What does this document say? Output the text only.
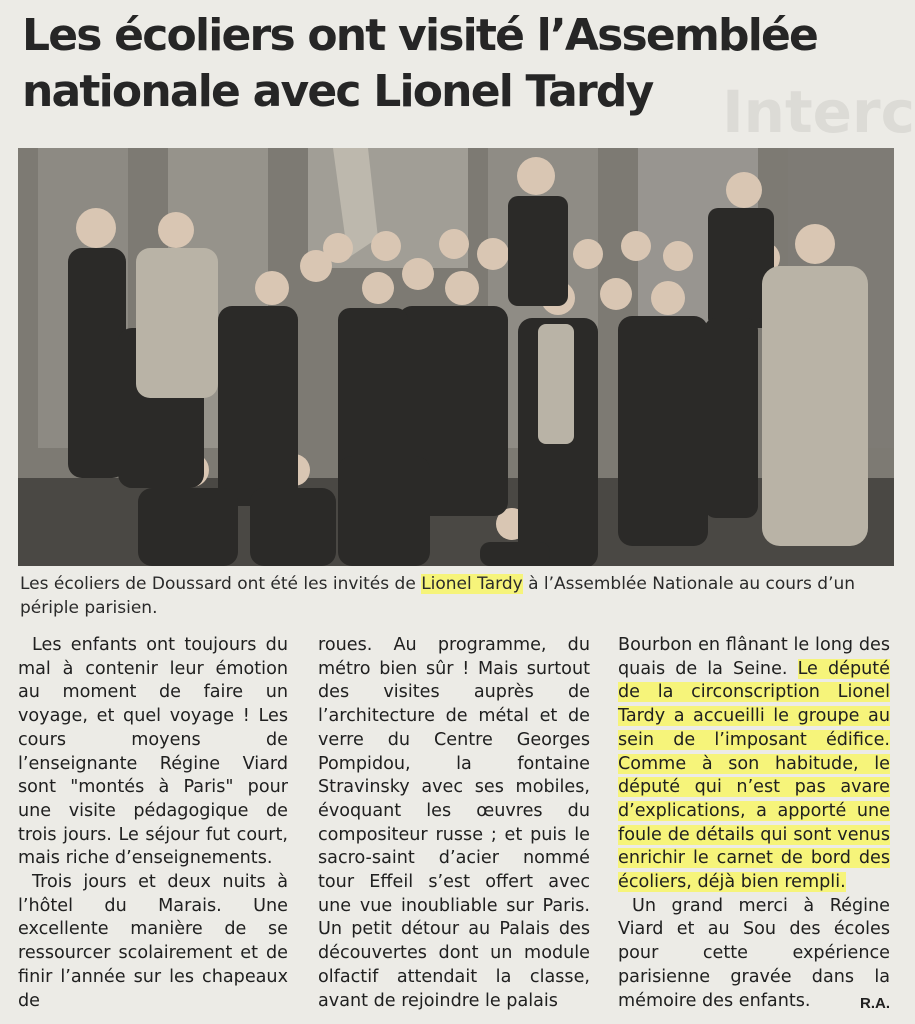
Les écoliers ont visité l’Assemblée nationale avec Lionel Tardy	Interc
Les écoliers de Doussard ont été les invités de Lionel Tardy à l’Assemblée Nationale au cours d’un périple parisien.

Les enfants ont toujours du mal à contenir leur émotion au moment de faire un voyage, et quel voyage ! Les cours moyens de l’enseignante Régine Viard sont "montés à Paris" pour une visite pédagogique de trois jours. Le séjour fut court, mais riche d’enseignements.

Trois jours et deux nuits à l’hôtel du Marais. Une excellente manière de se ressourcer scolairement et de finir l’année sur les chapeaux de

roues. Au programme, du métro bien sûr ! Mais surtout des visites auprès de l’architecture de métal et de verre du Centre Georges Pompidou, la fontaine Stravinsky avec ses mobiles, évoquant les œuvres du compositeur russe ; et puis le sacro-saint d’acier nommé tour Effeil s’est offert avec une vue inoubliable sur Paris. Un petit détour au Palais des découvertes dont un module olfactif attendait la classe, avant de rejoindre le palais

Bourbon en flânant le long des quais de la Seine. Le député de la circonscription Lionel Tardy a accueilli le groupe au sein de l’imposant édifice. Comme à son habitude, le député qui n’est pas avare d’explications, a apporté une foule de détails qui sont venus enrichir le carnet de bord des écoliers, déjà bien rempli.

Un grand merci à Régine Viard et au Sou des écoles pour cette expérience parisienne gravée dans la mémoire des enfants.	R.A.
